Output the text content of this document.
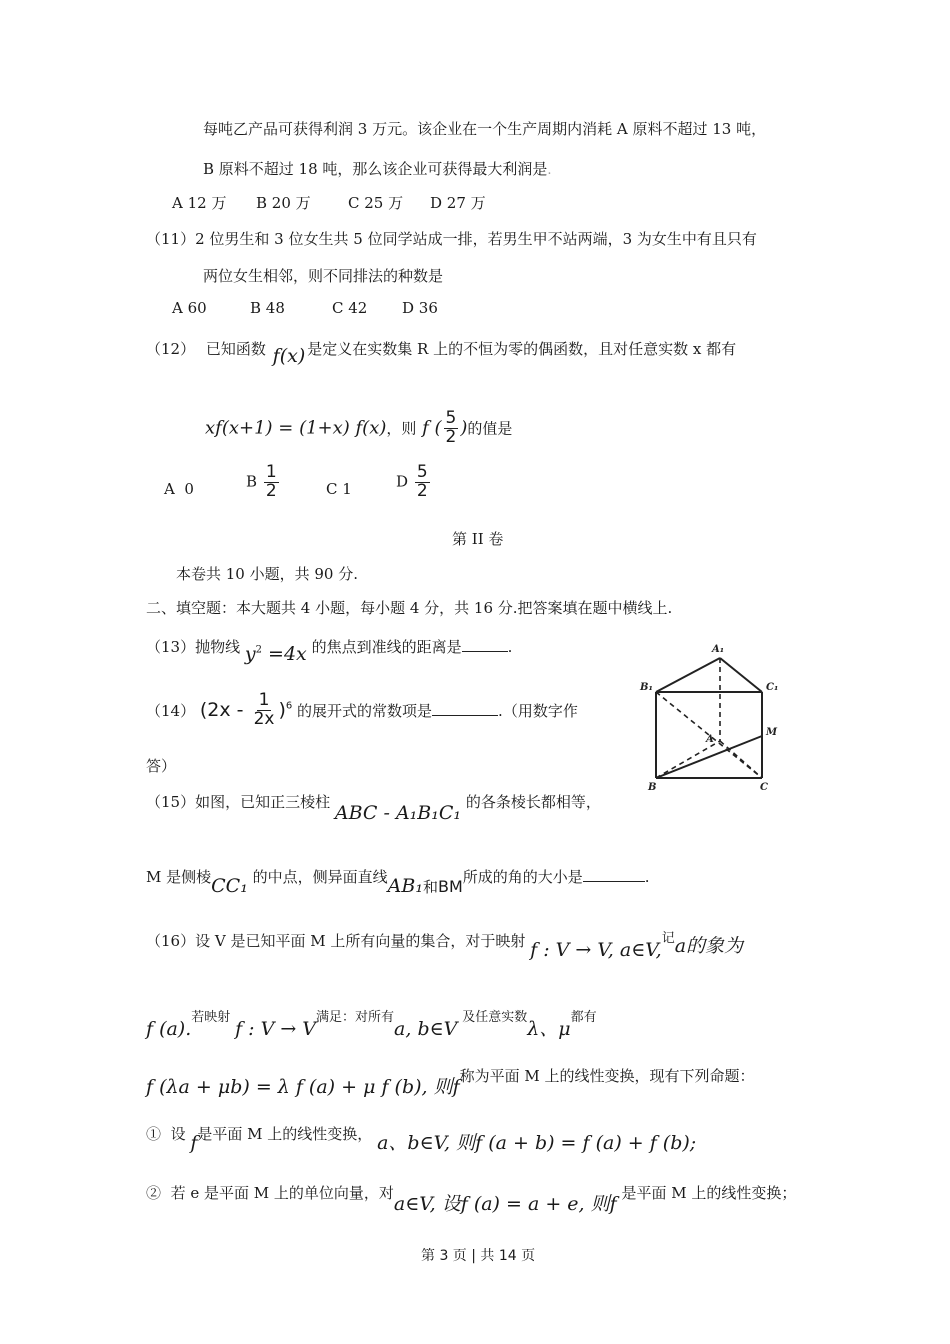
每吨乙产品可获得利润 3 万元。该企业在一个生产周期内消耗 A 原料不超过 13 吨，
B 原料不超过 18 吨，那么该企业可获得最大利润是.
A 12 万 B 20 万 C 25 万 D 27 万
（11）2 位男生和 3 位女生共 5 位同学站成一排，若男生甲不站两端，3 为女生中有且只有
两位女生相邻，则不同排法的种数是
A 60	B 48	C 42 D 36
（12） 已知函数 f(x) 是定义在实数集 R 上的不恒为零的偶函数，且对任意实数 x 都有
xf(x+1) = (1+x) f(x)，则 f ( $\frac{5}{2}$ )的值是
A 0	B $\frac{1}{2}$	C 1	D $\frac{5}{2}$
第 II 卷
本卷共 10 小题，共 90 分.
二、填空题：本大题共 4 小题，每小题 4 分，共 16 分.把答案填在题中横线上.
（13）抛物线 $y^2 =4x$ 的焦点到准线的距离是	.
（14） $(2x - \frac{1}{2x} )^6$ 的展开式的常数项是	.（用数字作
答）
（15）如图，已知正三棱柱 ABC - A₁B₁C₁ 的各条棱长都相等，
M 是侧棱CC₁ 的中点，侧异面直线AB₁和BM所成的角的大小是	.
A₁
B₁	C₁
A
M
B	C
（16）设 V 是已知平面 M 上所有向量的集合，对于映射 f : V → V, a∈V,记a的象为
f (a).若映射 f : V → V满足：对所有a, b∈V 及任意实数λ、μ都有
f (λa + μb) = λ f (a) + μ f (b), 则f称为平面 M 上的线性变换，现有下列命题：
① 设 f是平面 M 上的线性变换， a、b∈V, 则f (a + b) = f (a) + f (b);
② 若 e 是平面 M 上的单位向量，对a∈V, 设f (a) = a + e, 则f 是平面 M 上的线性变换；
第 3 页 | 共 14 页
